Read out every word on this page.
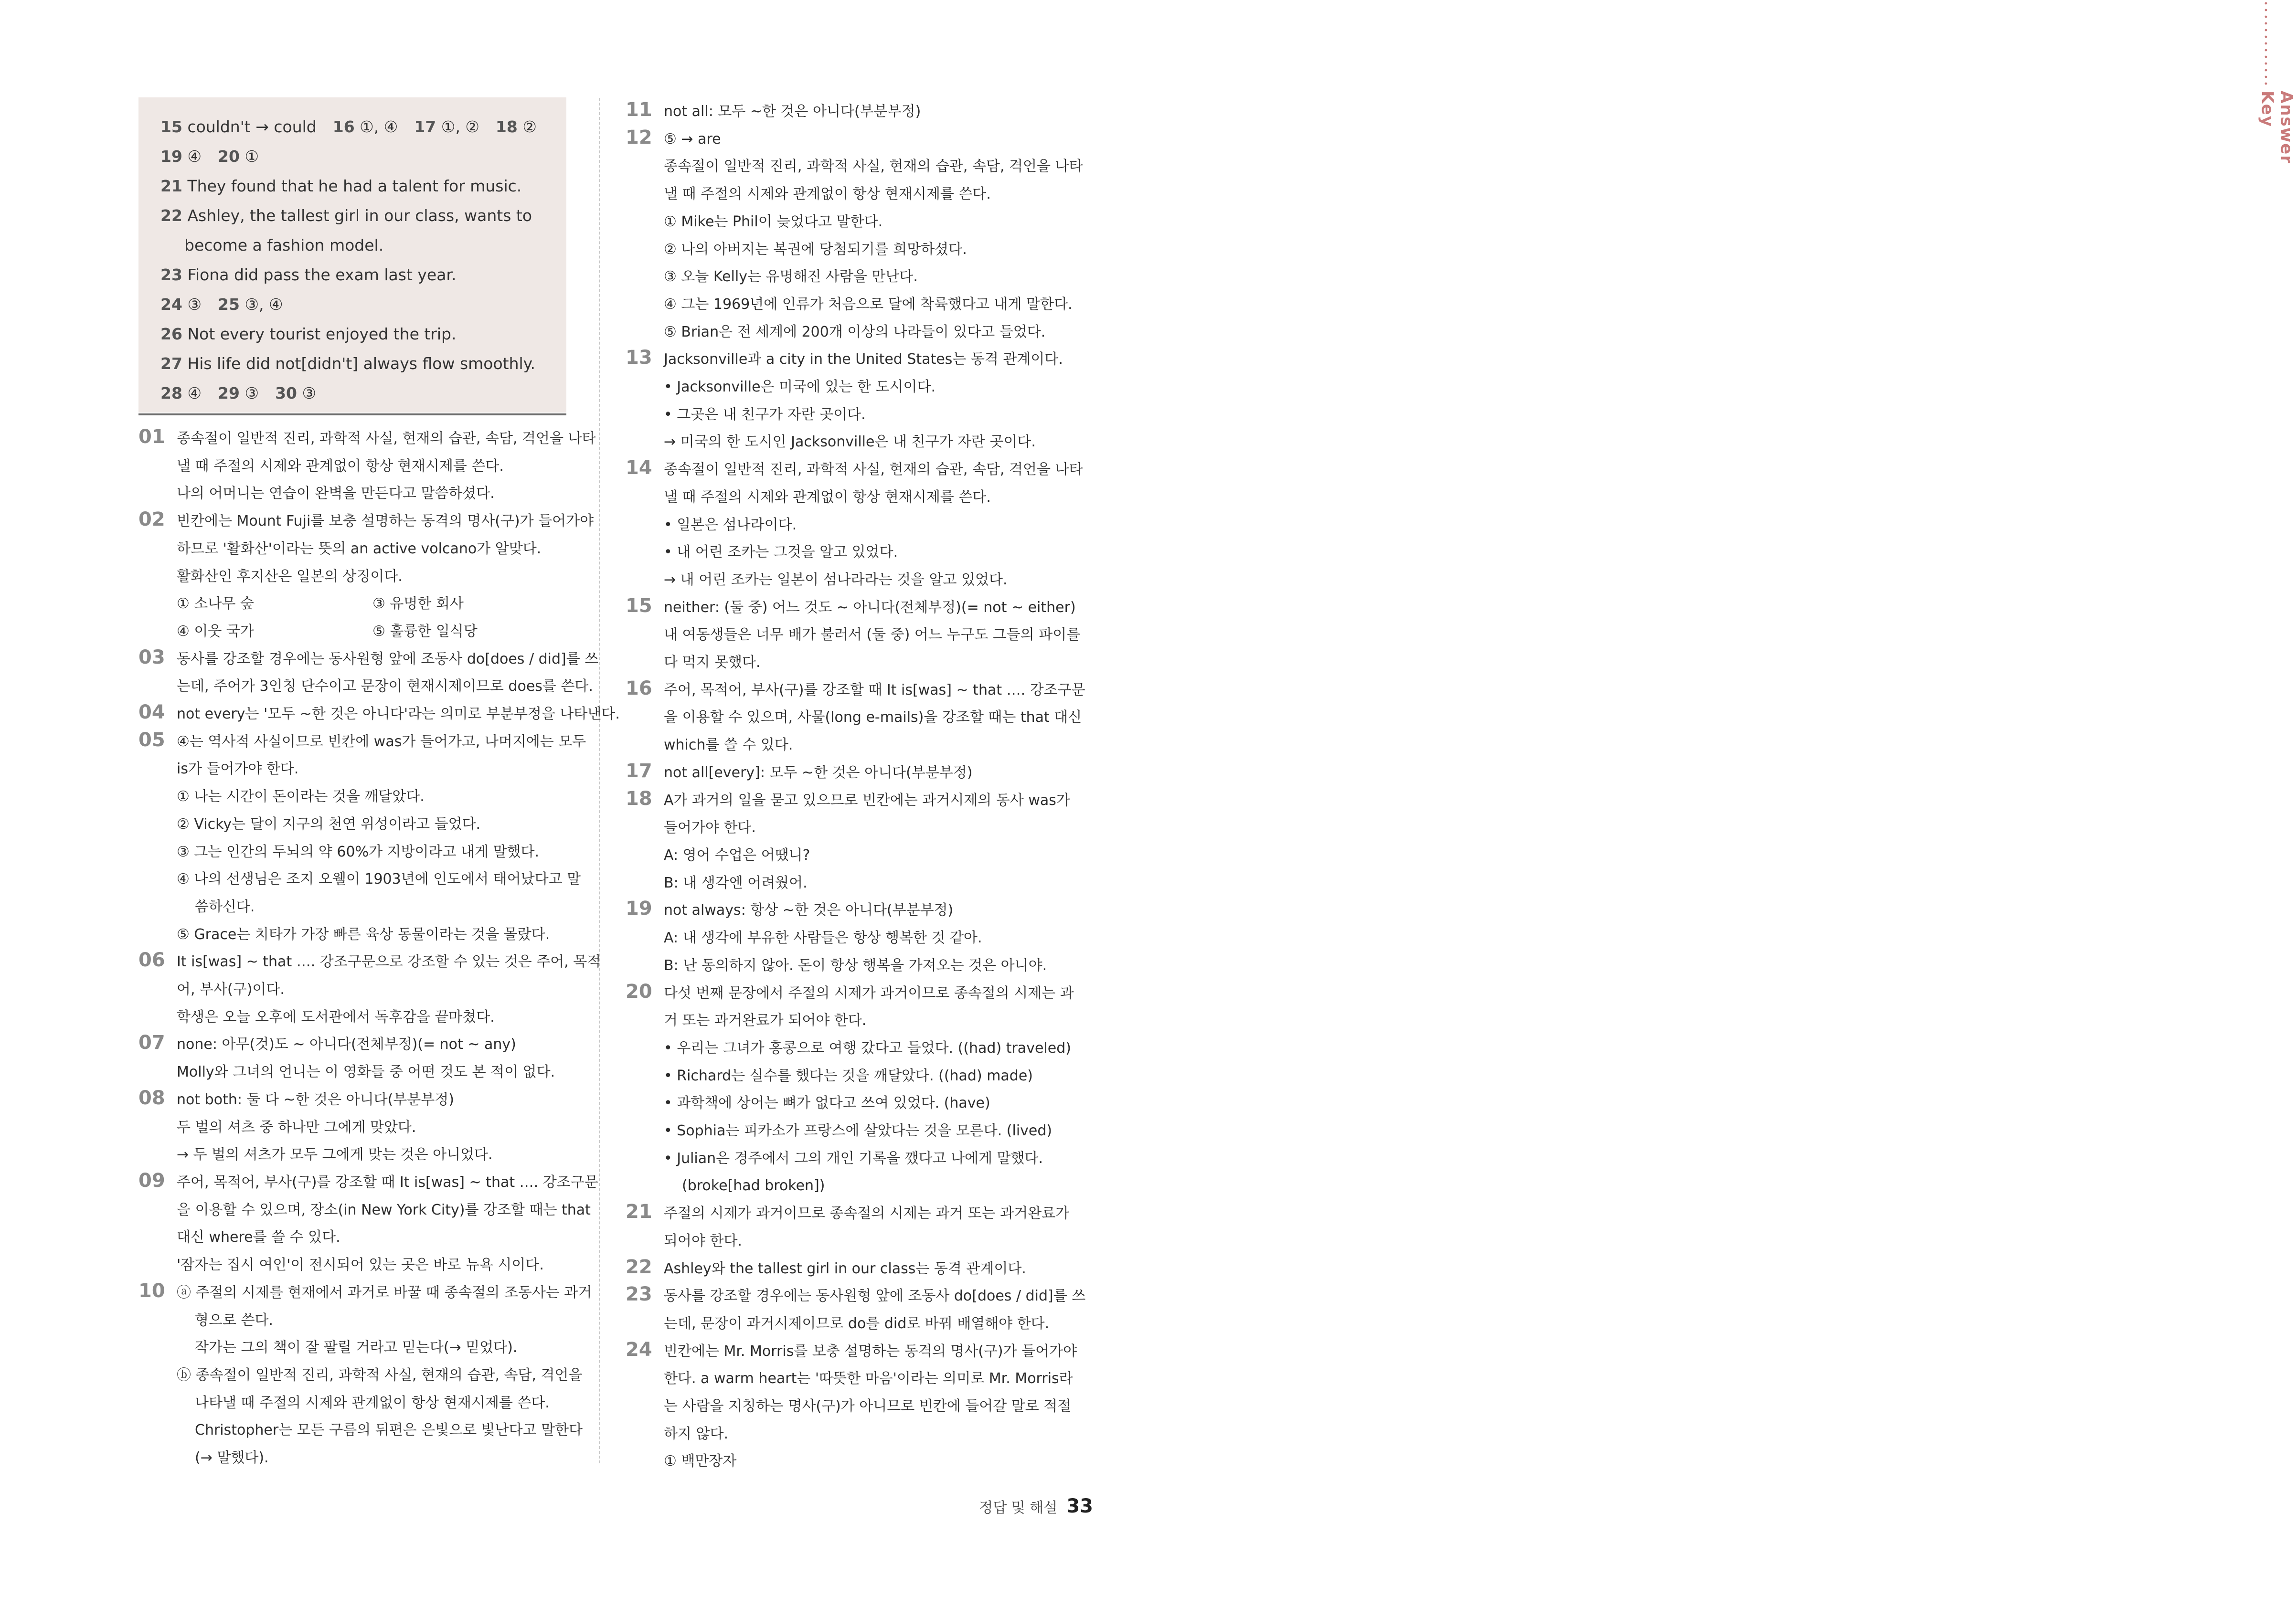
Answer Key
15 couldn't → could 16 ①, ④ 17 ①, ② 18 ②
19 ④ 20 ①
21 They found that he had a talent for music.
22 Ashley, the tallest girl in our class, wants to
become a fashion model.
23 Fiona did pass the exam last year.
24 ③ 25 ③, ④
26 Not every tourist enjoyed the trip.
27 His life did not[didn't] always flow smoothly.
28 ④ 29 ③ 30 ③
01 종속절이 일반적 진리, 과학적 사실, 현재의 습관, 속담, 격언을 나타
낼 때 주절의 시제와 관계없이 항상 현재시제를 쓴다.
나의 어머니는 연습이 완벽을 만든다고 말씀하셨다.
02 빈칸에는 Mount Fuji를 보충 설명하는 동격의 명사(구)가 들어가야
하므로 '활화산'이라는 뜻의 an active volcano가 알맞다.
활화산인 후지산은 일본의 상징이다.
① 소나무 숲	③ 유명한 회사
④ 이웃 국가	⑤ 훌륭한 일식당
03 동사를 강조할 경우에는 동사원형 앞에 조동사 do[does / did]를 쓰
는데, 주어가 3인칭 단수이고 문장이 현재시제이므로 does를 쓴다.
04 not every는 '모두 ~한 것은 아니다'라는 의미로 부분부정을 나타낸다.
05 ④는 역사적 사실이므로 빈칸에 was가 들어가고, 나머지에는 모두
is가 들어가야 한다.
① 나는 시간이 돈이라는 것을 깨달았다.
② Vicky는 달이 지구의 천연 위성이라고 들었다.
③ 그는 인간의 두뇌의 약 60%가 지방이라고 내게 말했다.
④ 나의 선생님은 조지 오웰이 1903년에 인도에서 태어났다고 말
씀하신다.
⑤ Grace는 치타가 가장 빠른 육상 동물이라는 것을 몰랐다.
06 It is[was] ~ that …. 강조구문으로 강조할 수 있는 것은 주어, 목적
어, 부사(구)이다.
학생은 오늘 오후에 도서관에서 독후감을 끝마쳤다.
07 none: 아무(것)도 ~ 아니다(전체부정)(= not ~ any)
Molly와 그녀의 언니는 이 영화들 중 어떤 것도 본 적이 없다.
08 not both: 둘 다 ~한 것은 아니다(부분부정)
두 벌의 셔츠 중 하나만 그에게 맞았다.
→ 두 벌의 셔츠가 모두 그에게 맞는 것은 아니었다.
09 주어, 목적어, 부사(구)를 강조할 때 It is[was] ~ that …. 강조구문
을 이용할 수 있으며, 장소(in New York City)를 강조할 때는 that
대신 where를 쓸 수 있다.
'잠자는 집시 여인'이 전시되어 있는 곳은 바로 뉴욕 시이다.
10 ⓐ 주절의 시제를 현재에서 과거로 바꿀 때 종속절의 조동사는 과거
형으로 쓴다.
작가는 그의 책이 잘 팔릴 거라고 믿는다(→ 믿었다).
ⓑ 종속절이 일반적 진리, 과학적 사실, 현재의 습관, 속담, 격언을
나타낼 때 주절의 시제와 관계없이 항상 현재시제를 쓴다.
Christopher는 모든 구름의 뒤편은 은빛으로 빛난다고 말한다
(→ 말했다).
11 not all: 모두 ~한 것은 아니다(부분부정)
12 ⑤ → are
종속절이 일반적 진리, 과학적 사실, 현재의 습관, 속담, 격언을 나타
낼 때 주절의 시제와 관계없이 항상 현재시제를 쓴다.
① Mike는 Phil이 늦었다고 말한다.
② 나의 아버지는 복권에 당첨되기를 희망하셨다.
③ 오늘 Kelly는 유명해진 사람을 만난다.
④ 그는 1969년에 인류가 처음으로 달에 착륙했다고 내게 말한다.
⑤ Brian은 전 세계에 200개 이상의 나라들이 있다고 들었다.
13 Jacksonville과 a city in the United States는 동격 관계이다.
• Jacksonville은 미국에 있는 한 도시이다.
• 그곳은 내 친구가 자란 곳이다.
→ 미국의 한 도시인 Jacksonville은 내 친구가 자란 곳이다.
14 종속절이 일반적 진리, 과학적 사실, 현재의 습관, 속담, 격언을 나타
낼 때 주절의 시제와 관계없이 항상 현재시제를 쓴다.
• 일본은 섬나라이다.
• 내 어린 조카는 그것을 알고 있었다.
→ 내 어린 조카는 일본이 섬나라라는 것을 알고 있었다.
15 neither: (둘 중) 어느 것도 ~ 아니다(전체부정)(= not ~ either)
내 여동생들은 너무 배가 불러서 (둘 중) 어느 누구도 그들의 파이를
다 먹지 못했다.
16 주어, 목적어, 부사(구)를 강조할 때 It is[was] ~ that …. 강조구문
을 이용할 수 있으며, 사물(long e-mails)을 강조할 때는 that 대신
which를 쓸 수 있다.
17 not all[every]: 모두 ~한 것은 아니다(부분부정)
18 A가 과거의 일을 묻고 있으므로 빈칸에는 과거시제의 동사 was가
들어가야 한다.
A: 영어 수업은 어땠니?
B: 내 생각엔 어려웠어.
19 not always: 항상 ~한 것은 아니다(부분부정)
A: 내 생각에 부유한 사람들은 항상 행복한 것 같아.
B: 난 동의하지 않아. 돈이 항상 행복을 가져오는 것은 아니야.
20 다섯 번째 문장에서 주절의 시제가 과거이므로 종속절의 시제는 과
거 또는 과거완료가 되어야 한다.
• 우리는 그녀가 홍콩으로 여행 갔다고 들었다. ((had) traveled)
• Richard는 실수를 했다는 것을 깨달았다. ((had) made)
• 과학책에 상어는 뼈가 없다고 쓰여 있었다. (have)
• Sophia는 피카소가 프랑스에 살았다는 것을 모른다. (lived)
• Julian은 경주에서 그의 개인 기록을 깼다고 나에게 말했다.
(broke[had broken])
21 주절의 시제가 과거이므로 종속절의 시제는 과거 또는 과거완료가
되어야 한다.
22 Ashley와 the tallest girl in our class는 동격 관계이다.
23 동사를 강조할 경우에는 동사원형 앞에 조동사 do[does / did]를 쓰
는데, 문장이 과거시제이므로 do를 did로 바꿔 배열해야 한다.
24 빈칸에는 Mr. Morris를 보충 설명하는 동격의 명사(구)가 들어가야
한다. a warm heart는 '따뜻한 마음'이라는 의미로 Mr. Morris라
는 사람을 지칭하는 명사(구)가 아니므로 빈칸에 들어갈 말로 적절
하지 않다.
① 백만장자
정답 및 해설 33
